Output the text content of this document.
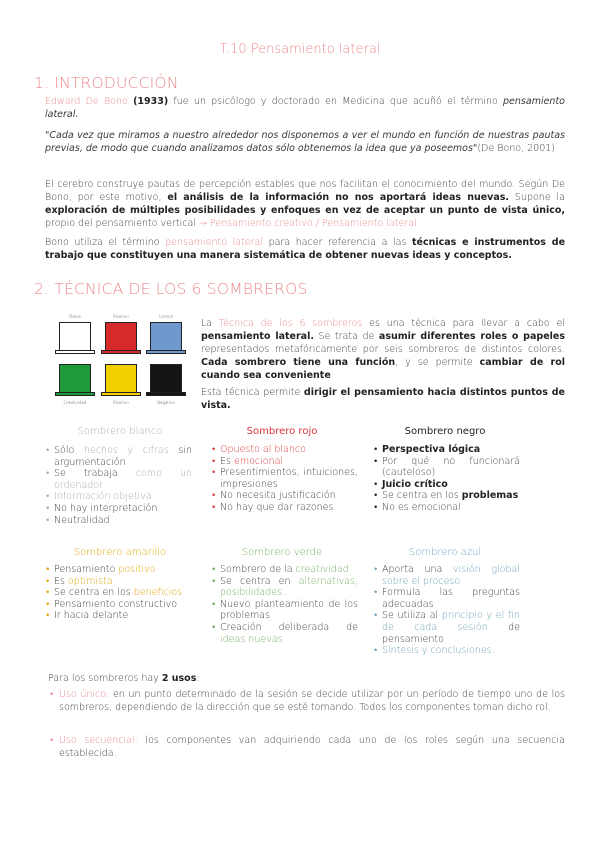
T.10 Pensamiento lateral
1. INTRODUCCIÓN
Edward De Bono (1933) fue un psicólogo y doctorado en Medicina que acuñó el término pensamiento lateral.
"Cada vez que miramos a nuestro alrededor nos disponemos a ver el mundo en función de nuestras pautas previas, de modo que cuando analizamos datos sólo obtenemos la idea que ya poseemos"(De Bono, 2001)
El cerebro construye pautas de percepción estables que nos facilitan el conocimiento del mundo. Según De Bono, por este motivo, el análisis de la información no nos aportará ideas nuevas. Supone la exploración de múltiples posibilidades y enfoques en vez de aceptar un punto de vista único, propio del pensamiento vertical → Pensamiento creativo / Pensamiento lateral
Bono utiliza el término pensamiento lateral para hacer referencia a las técnicas e instrumentos de trabajo que constituyen una manera sistemática de obtener nuevas ideas y conceptos.
2. TÉCNICA DE LOS 6 SOMBREROS
Datos	Positivo	Control
Creatividad	Positivo	Negativo
La Técnica de los 6 sombreros es una técnica para llevar a cabo el pensamiento lateral. Se trata de asumir diferentes roles o papeles representados metafóricamente por seis sombreros de distintos colores. Cada sombrero tiene una función, y se permite cambiar de rol cuando sea conveniente
Esta técnica permite dirigir el pensamiento hacia distintos puntos de vista.
Sombrero blanco	Sombrero rojo	Sombrero negro
• Sólo hechos y cifras sin argumentación
• Se trabaja como un ordenador
• Información objetiva
• No hay interpretación
• Neutralidad
• Opuesto al blanco
• Es emocional
• Presentimientos, intuiciones, impresiones
• No necesita justificación
• No hay que dar razones
• Perspectiva lógica
• Por qué no funcionará (cauteloso)
• Juicio crítico
• Se centra en los problemas
• No es emocional
Sombrero amarillo	Sombrero verde	Sombrero azul
• Pensamiento positivo
• Es optimista
• Se centra en los beneficios
• Pensamiento constructivo
• Ir hacia delante
• Sombrero de la creatividad
• Se centra en alternativas, posibilidades...
• Nuevo planteamiento de los problemas
• Creación deliberada de ideas nuevas
• Aporta una visión global sobre el proceso
• Formula las preguntas adecuadas
• Se utiliza al principio y el fin de cada sesión de pensamiento
• Síntesis y conclusiones.
Para los sombreros hay 2 usos:
• Uso único: en un punto determinado de la sesión se decide utilizar por un período de tiempo uno de los sombreros, dependiendo de la dirección que se esté tomando. Todos los componentes toman dicho rol.
• Uso secuencial: los componentes van adquiriendo cada uno de los roles según una secuencia establecida.
